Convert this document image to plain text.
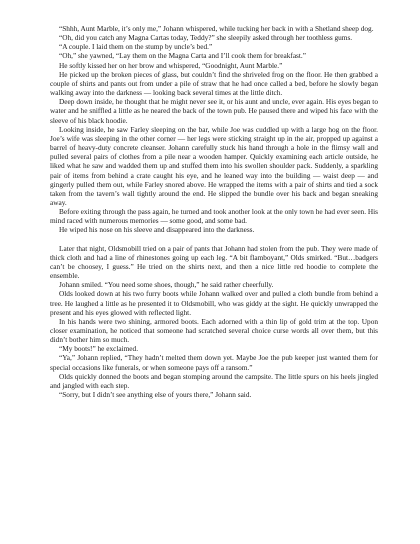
“Shhh, Aunt Marble, it’s only me,” Johann whispered, while tucking her back in with a Shetland sheep dog.

“Oh, did you catch any Magna Cartas today, Teddy?” she sleepily asked through her toothless gums.

“A couple. I laid them on the stump by uncle’s bed.”

“Oh,” she yawned, “Lay them on the Magna Carta and I’ll cook them for breakfast.”

He softly kissed her on her brow and whispered, “Goodnight, Aunt Marble.”

He picked up the broken pieces of glass, but couldn’t find the shriveled frog on the floor. He then grabbed a couple of shirts and pants out from under a pile of straw that he had once called a bed, before he slowly began walking away into the darkness — looking back several times at the little ditch.

Deep down inside, he thought that he might never see it, or his aunt and uncle, ever again. His eyes began to water and he sniffled a little as he neared the back of the town pub. He paused there and wiped his face with the sleeve of his black hoodie.

Looking inside, he saw Farley sleeping on the bar, while Joe was cuddled up with a large hog on the floor. Joe’s wife was sleeping in the other corner — her legs were sticking straight up in the air, propped up against a barrel of heavy-duty concrete cleanser. Johann carefully stuck his hand through a hole in the flimsy wall and pulled several pairs of clothes from a pile near a wooden hamper. Quickly examining each article outside, he liked what he saw and wadded them up and stuffed them into his swollen shoulder pack. Suddenly, a sparkling pair of items from behind a crate caught his eye, and he leaned way into the building — waist deep — and gingerly pulled them out, while Farley snored above. He wrapped the items with a pair of shirts and tied a sock taken from the tavern’s wall tightly around the end. He slipped the bundle over his back and began sneaking away.

Before exiting through the pass again, he turned and took another look at the only town he had ever seen. His mind raced with numerous memories — some good, and some bad.

He wiped his nose on his sleeve and disappeared into the darkness.

Later that night, Oldsmobill tried on a pair of pants that Johann had stolen from the pub. They were made of thick cloth and had a line of rhinestones going up each leg. “A bit flamboyant,” Olds smirked. “But…badgers can’t be choosey, I guess.” He tried on the shirts next, and then a nice little red hoodie to complete the ensemble.

Johann smiled. “You need some shoes, though,” he said rather cheerfully.

Olds looked down at his two furry boots while Johann walked over and pulled a cloth bundle from behind a tree. He laughed a little as he presented it to Oldsmobill, who was giddy at the sight. He quickly unwrapped the present and his eyes glowed with reflected light.

In his hands were two shining, armored boots. Each adorned with a thin lip of gold trim at the top. Upon closer examination, he noticed that someone had scratched several choice curse words all over them, but this didn’t bother him so much.

“My boots!” he exclaimed.

“Ya,” Johann replied, “They hadn’t melted them down yet. Maybe Joe the pub keeper just wanted them for special occasions like funerals, or when someone pays off a ransom.”

Olds quickly donned the boots and began stomping around the campsite. The little spurs on his heels jingled and jangled with each step.

“Sorry, but I didn’t see anything else of yours there,” Johann said.
